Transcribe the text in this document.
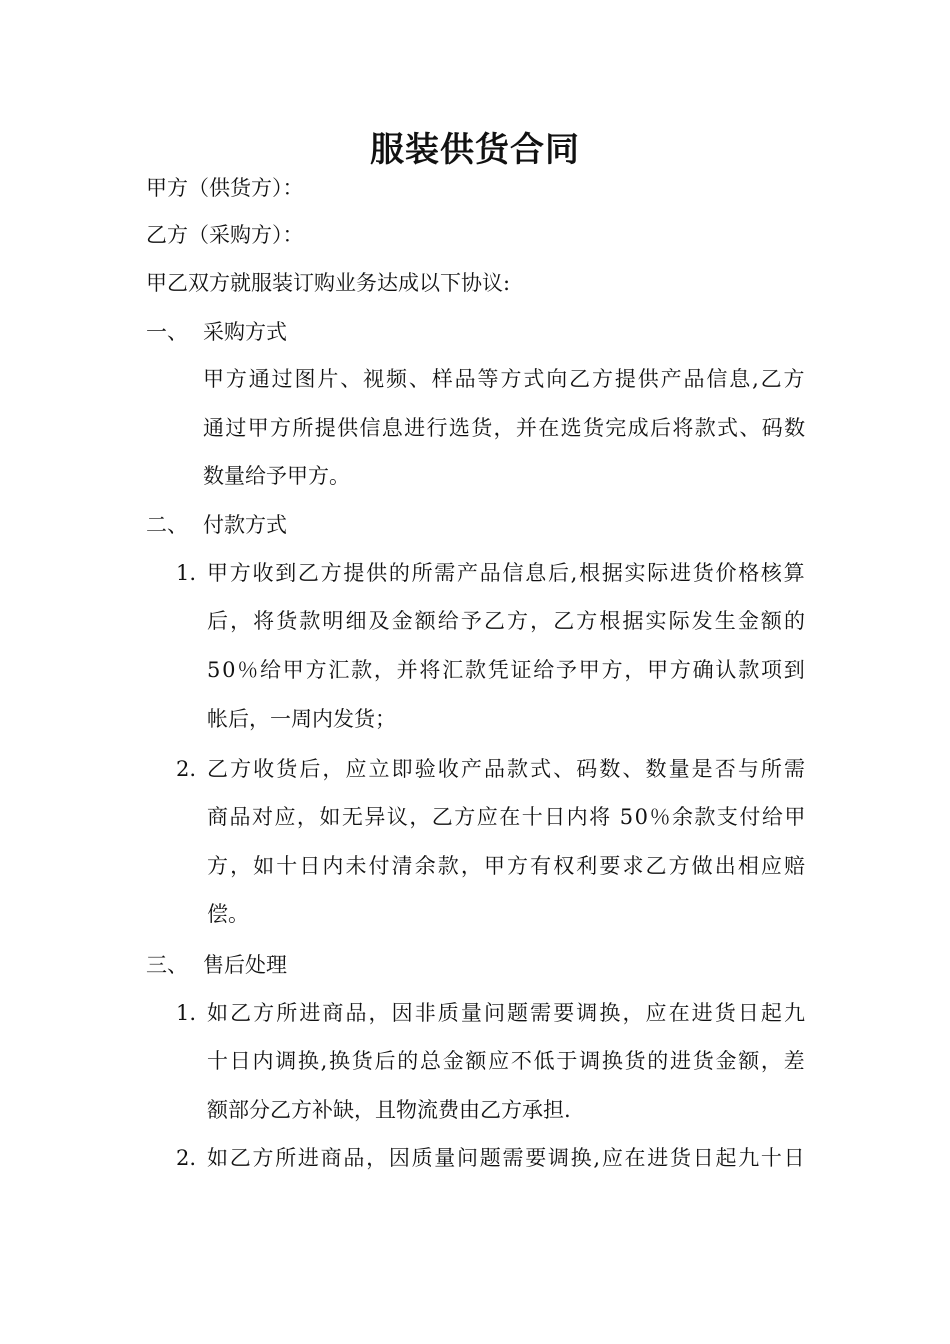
服装供货合同
甲方（供货方）：
乙方（采购方）：
甲乙双方就服装订购业务达成以下协议:
一、 采购方式
甲方通过图片、视频、样品等方式向乙方提供产品信息,乙方
通过甲方所提供信息进行选货，并在选货完成后将款式、码数
数量给予甲方。
二、 付款方式
1. 甲方收到乙方提供的所需产品信息后,根据实际进货价格核算
后，将货款明细及金额给予乙方，乙方根据实际发生金额的
50％给甲方汇款，并将汇款凭证给予甲方，甲方确认款项到
帐后，一周内发货；
2. 乙方收货后，应立即验收产品款式、码数、数量是否与所需
商品对应，如无异议，乙方应在十日内将 50％余款支付给甲
方，如十日内未付清余款，甲方有权利要求乙方做出相应赔
偿。
三、 售后处理
1. 如乙方所进商品，因非质量问题需要调换，应在进货日起九
十日内调换,换货后的总金额应不低于调换货的进货金额，差
额部分乙方补缺，且物流费由乙方承担.
2. 如乙方所进商品，因质量问题需要调换,应在进货日起九十日
